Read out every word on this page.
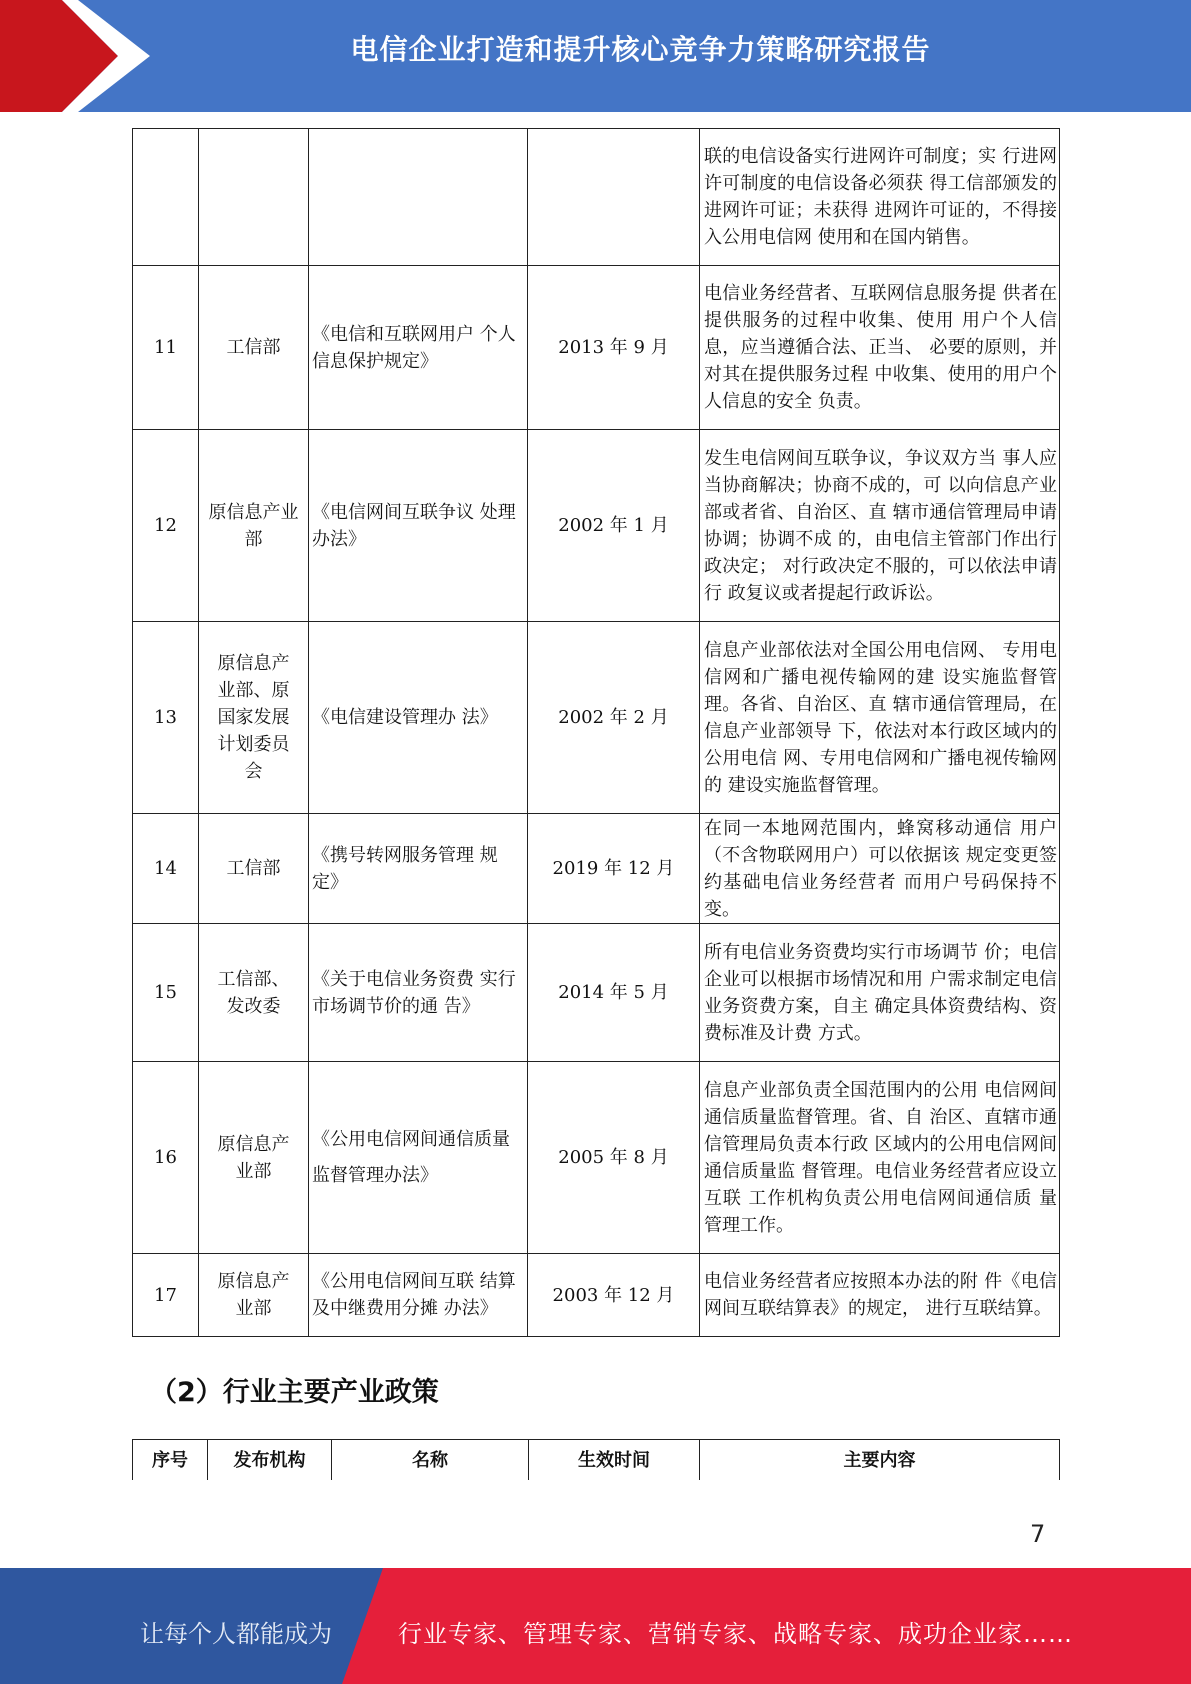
电信企业打造和提升核心竞争力策略研究报告
				联的电信设备实行进网许可制度；实 行进网许可制度的电信设备必须获 得工信部颁发的进网许可证；未获得 进网许可证的，不得接入公用电信网 使用和在国内销售。
11	工信部	《电信和互联网用户 个人信息保护规定》	2013 年 9 月	电信业务经营者、互联网信息服务提 供者在提供服务的过程中收集、使用 用户个人信息，应当遵循合法、正当、 必要的原则，并对其在提供服务过程 中收集、使用的用户个人信息的安全 负责。
12	原信息产业部	《电信网间互联争议 处理办法》	2002 年 1 月	发生电信网间互联争议，争议双方当 事人应当协商解决；协商不成的，可 以向信息产业部或者省、自治区、直 辖市通信管理局申请协调；协调不成 的，由电信主管部门作出行政决定； 对行政决定不服的，可以依法申请行 政复议或者提起行政诉讼。
13	原信息产业部、原国家发展计划委员会	《电信建设管理办 法》	2002 年 2 月	信息产业部依法对全国公用电信网、 专用电信网和广播电视传输网的建 设实施监督管理。各省、自治区、直 辖市通信管理局，在信息产业部领导 下，依法对本行政区域内的公用电信 网、专用电信网和广播电视传输网的 建设实施监督管理。
14	工信部	《携号转网服务管理 规定》	2019 年 12 月	在同一本地网范围内，蜂窝移动通信 用户（不含物联网用户）可以依据该 规定变更签约基础电信业务经营者 而用户号码保持不变。
15	工信部、发改委	《关于电信业务资费 实行市场调节价的通 告》	2014 年 5 月	所有电信业务资费均实行市场调节 价；电信企业可以根据市场情况和用 户需求制定电信业务资费方案，自主 确定具体资费结构、资费标准及计费 方式。
16	原信息产业部	《公用电信网间通信质量监督管理办法》	2005 年 8 月	信息产业部负责全国范围内的公用 电信网间通信质量监督管理。省、自 治区、直辖市通信管理局负责本行政 区域内的公用电信网间通信质量监 督管理。电信业务经营者应设立互联 工作机构负责公用电信网间通信质 量管理工作。
17	原信息产业部	《公用电信网间互联 结算及中继费用分摊 办法》	2003 年 12 月	电信业务经营者应按照本办法的附 件《电信网间互联结算表》的规定， 进行互联结算。
（2）行业主要产业政策
序号	发布机构	名称	生效时间	主要内容
7
让每个人都能成为	行业专家、管理专家、营销专家、战略专家、成功企业家……
